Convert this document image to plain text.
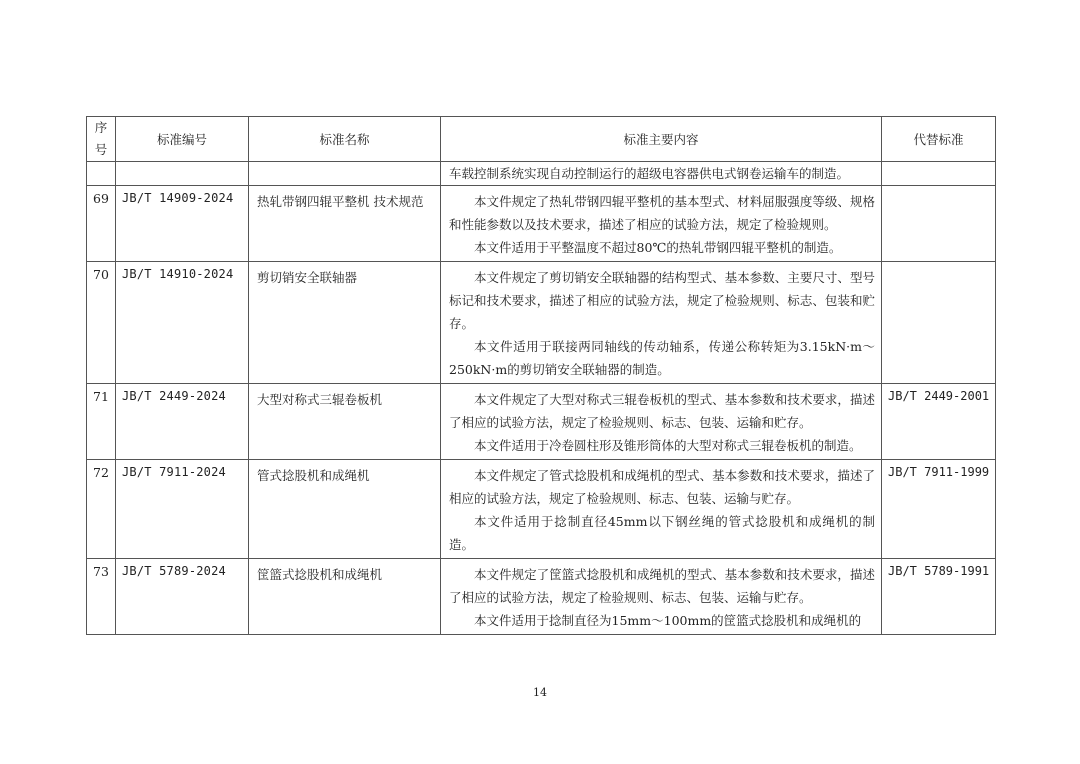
序
号	标准编号	标准名称	标准主要内容	代替标准

			车载控制系统实现自动控制运行的超级电容器供电式钢卷运输车的制造。	

69	JB/T 14909-2024	热轧带钢四辊平整机 技术规范	本文件规定了热轧带钢四辊平整机的基本型式、材料屈服强度等级、规格和性能参数以及技术要求，描述了相应的试验方法，规定了检验规则。

本文件适用于平整温度不超过80℃的热轧带钢四辊平整机的制造。	

70	JB/T 14910-2024	剪切销安全联轴器	本文件规定了剪切销安全联轴器的结构型式、基本参数、主要尺寸、型号标记和技术要求，描述了相应的试验方法，规定了检验规则、标志、包装和贮存。

本文件适用于联接两同轴线的传动轴系，传递公称转矩为3.15kN·m～250kN·m的剪切销安全联轴器的制造。	

71	JB/T 2449-2024	大型对称式三辊卷板机	本文件规定了大型对称式三辊卷板机的型式、基本参数和技术要求，描述了相应的试验方法，规定了检验规则、标志、包装、运输和贮存。

本文件适用于冷卷圆柱形及锥形筒体的大型对称式三辊卷板机的制造。	JB/T 2449-2001
72	JB/T 7911-2024	管式捻股机和成绳机	本文件规定了管式捻股机和成绳机的型式、基本参数和技术要求，描述了相应的试验方法，规定了检验规则、标志、包装、运输与贮存。

本文件适用于捻制直径45mm以下钢丝绳的管式捻股机和成绳机的制造。	JB/T 7911-1999
73	JB/T 5789-2024	筐篮式捻股机和成绳机	本文件规定了筐篮式捻股机和成绳机的型式、基本参数和技术要求，描述了相应的试验方法，规定了检验规则、标志、包装、运输与贮存。

本文件适用于捻制直径为15mm～100mm的筐篮式捻股机和成绳机的	JB/T 5789-1991
14
